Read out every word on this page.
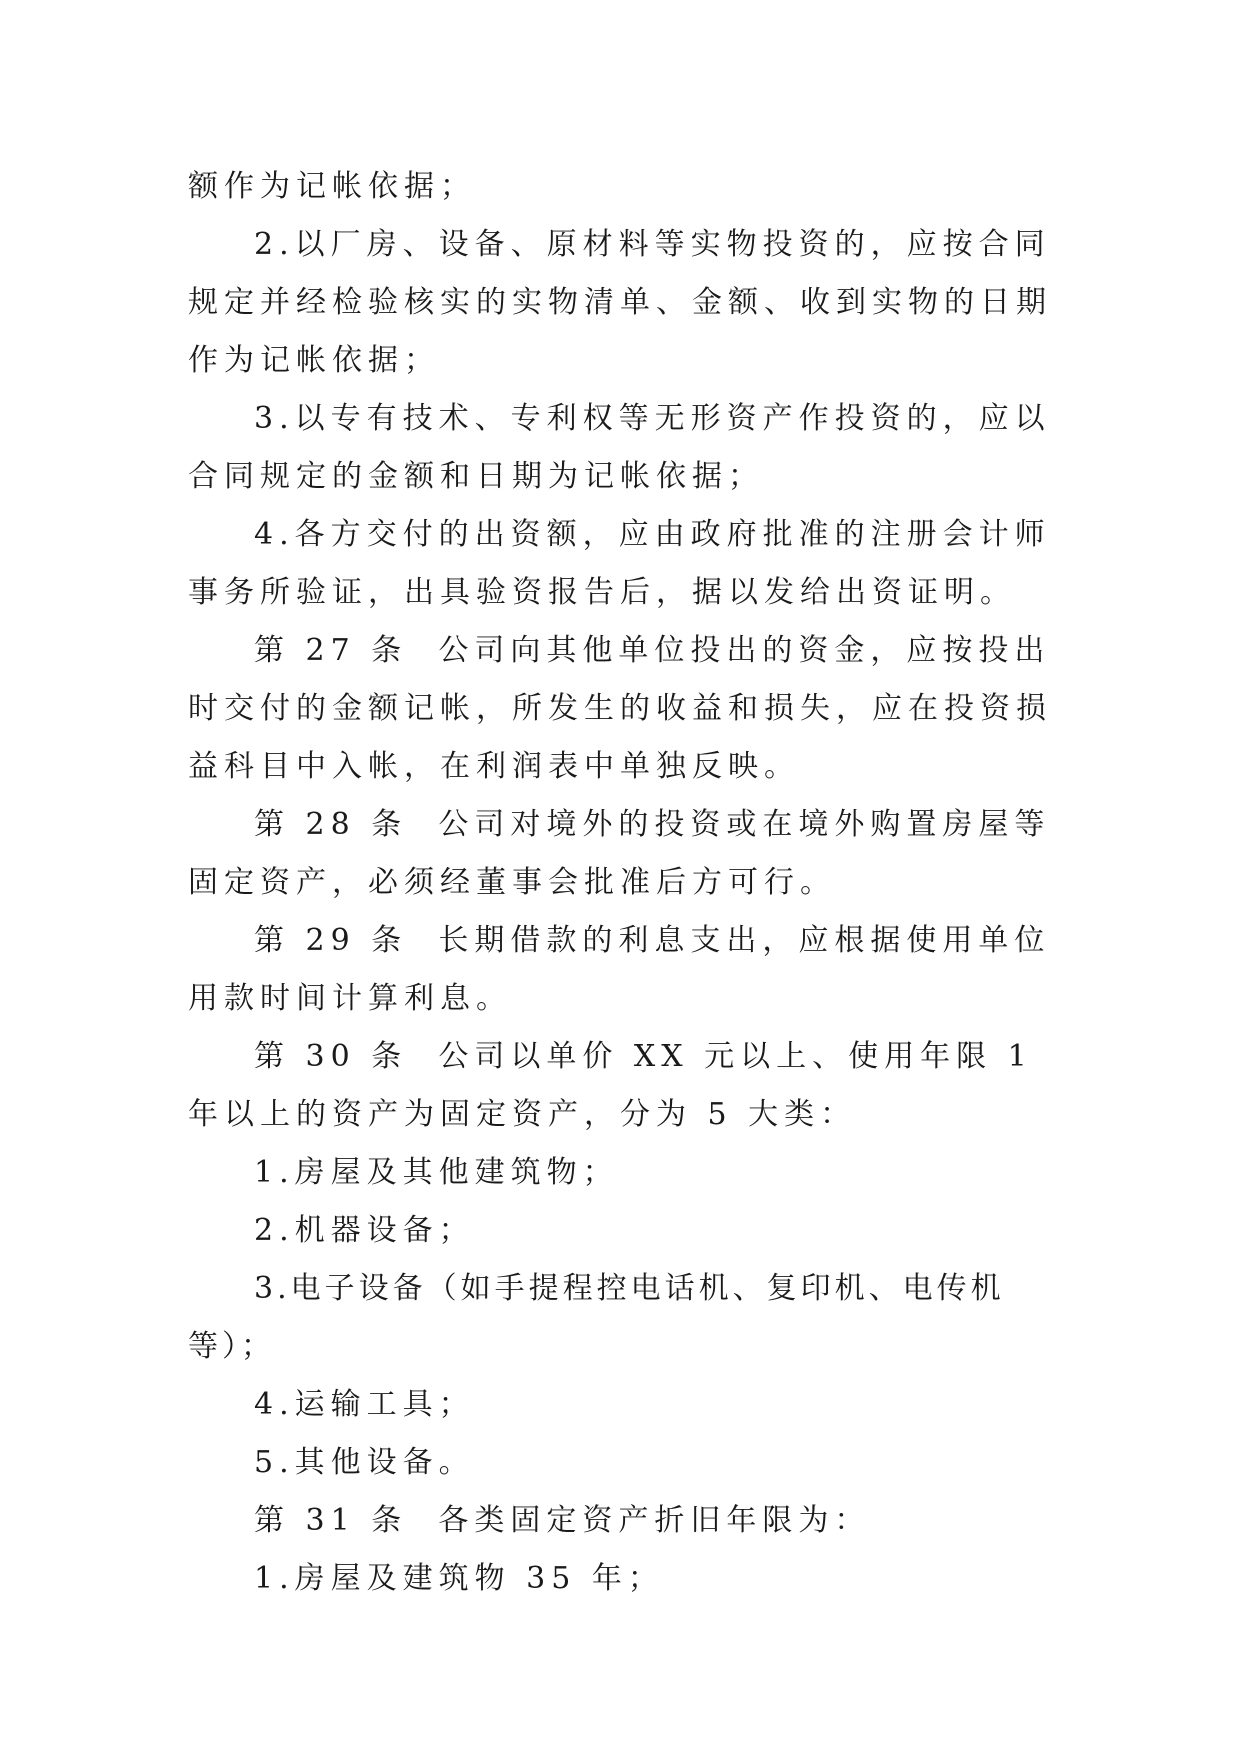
额作为记帐依据；

2.以厂房、设备、原材料等实物投资的，应按合同规定并经检验核实的实物清单、金额、收到实物的日期作为记帐依据；

3.以专有技术、专利权等无形资产作投资的，应以合同规定的金额和日期为记帐依据；

4.各方交付的出资额，应由政府批准的注册会计师事务所验证，出具验资报告后，据以发给出资证明。

第 27 条  公司向其他单位投出的资金，应按投出时交付的金额记帐，所发生的收益和损失，应在投资损益科目中入帐，在利润表中单独反映。

第 28 条  公司对境外的投资或在境外购置房屋等固定资产，必须经董事会批准后方可行。

第 29 条  长期借款的利息支出，应根据使用单位用款时间计算利息。

第 30 条  公司以单价 XX 元以上、使用年限 1 年以上的资产为固定资产，分为 5 大类：

1.房屋及其他建筑物；

2.机器设备；

3.电子设备（如手提程控电话机、复印机、电传机等）；

4.运输工具；

5.其他设备。

第 31 条  各类固定资产折旧年限为：

1.房屋及建筑物 35 年；
